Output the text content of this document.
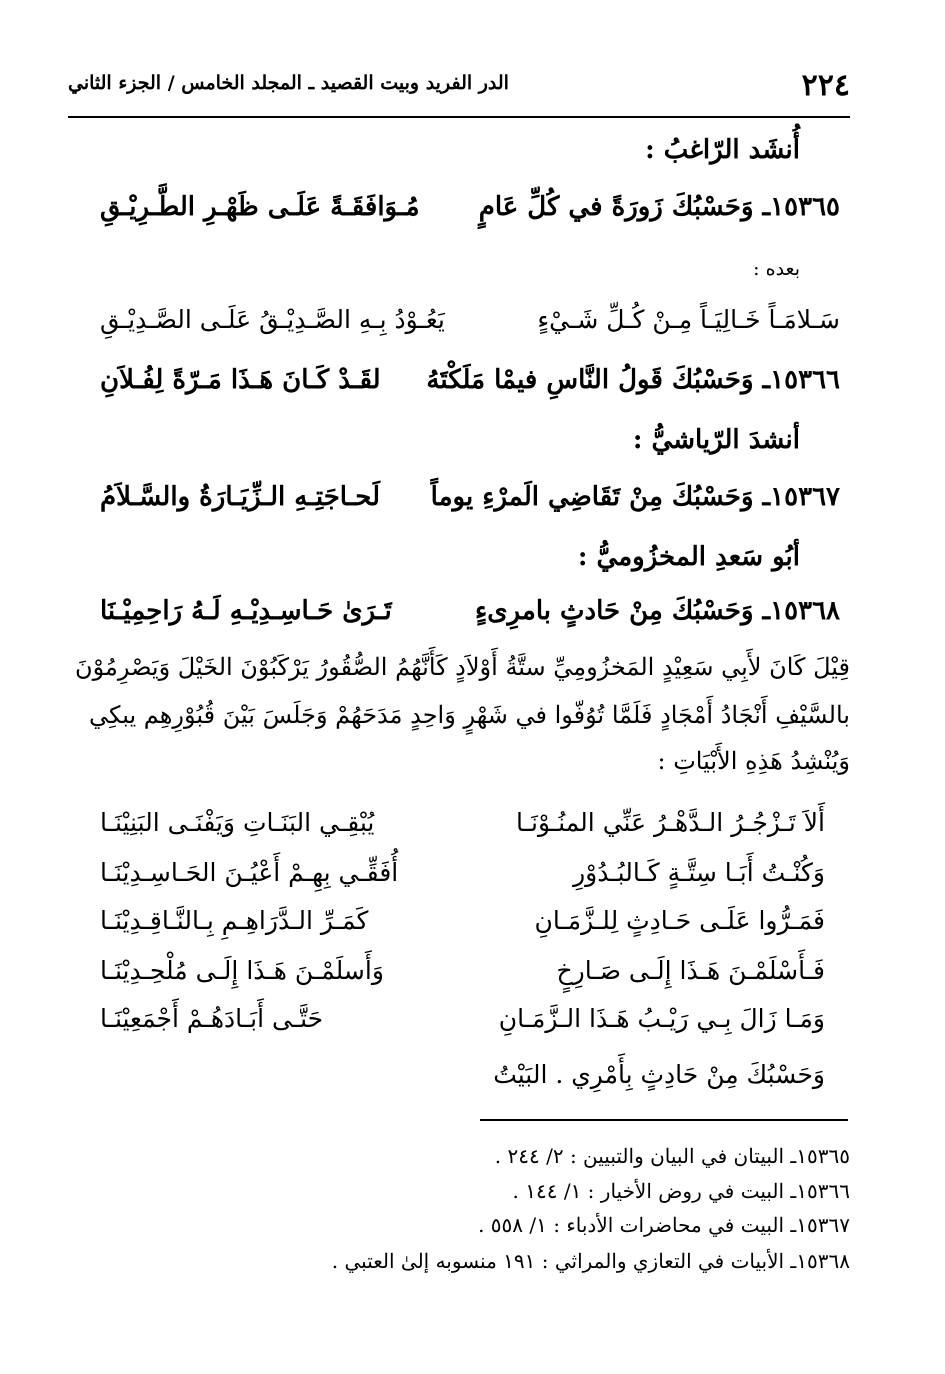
٢٢٤
الدر الفريد وبيت القصيد ـ المجلد الخامس / الجزء الثاني
أُنشَد الرّاغبُ :
١٥٣٦٥ـ وَحَسْبُكَ زَورَةً في كُلِّ عَامٍ
مُـوَافَقَـةً عَلَـى ظَهْـرِ الطَّـرِيْـقِ
بعده :
سَـلامَـاً خَـالِيَـاً مِـنْ كُـلِّ شَـيْءٍ
يَعُـوْدُ بِـهِ الصَّـدِيْـقُ عَلَـى الصَّـدِيْـقِ
١٥٣٦٦ـ وَحَسْبُكَ قَولُ النَّاسِ فيمْا مَلَكْتَهُ
لقَـدْ كَـانَ هَـذَا مَـرّةً لِفُـلاَنِ
أنشدَ الرّياشيُّ :
١٥٣٦٧ـ وَحَسْبُكَ مِنْ تَقَاضِي الَمرْءِ يوماً
لَحـاجَتِـهِ الـزِّيَـارَةُ والسَّـلاَمُ
أبُو سَعدِ المخزُوميُّ :
١٥٣٦٨ـ وَحَسْبُكَ مِنْ حَادثٍ بامرِىءٍ
تَـرَىٰ حَـاسِـدِيْـهِ لَـهُ رَاحِمِيْـنَا
قِيْلَ كَانَ لأَبِي سَعِيْدٍ المَخزُومِيِّ ستَّةُ أَوْلاَدٍ كَأَنَّهُمُ الصُّقُورُ يَرْكَبُوْنَ الخَيْلَ وَيَصْرِمُوْنَ
بالسَّيْفِ أَنْجَادُ أَمْجَادٍ فَلَمَّا تُوُفّوا في شَهْرٍ وَاحِدٍ مَدَحَهُمْ وَجَلَسَ بَيْنَ قُبُوْرِهِم يبكِي
وَيُنْشِدُ هَذِهِ الأَبْيَاتِ :
أَلاَ تَـزْجُـرُ الـدَّهْـرُ عَنِّي المنُـوْنَـا
يُبْقِـي البَنَـاتِ وَيَفْنَـى البَنِيْنَـا
وَكُنْـتُ أَبَـا سِتَّـةٍ كَـالبُـدُوْرِ
أُفَقِّـي بِهِـمْ أَعْيُـنَ الحَـاسِـدِيْنَـا
فَمَـرُّوا عَلَـى حَـادِثٍ لِلـزَّمَـانِ
كَمَـرِّ الـدَّرَاهِـمِ بِـالنَّـاقِـدِيْنَـا
فَـأَسْلَمْـنَ هَـذَا إِلَـى صَـارِخٍ
وَأَسلَمْـنَ هَـذَا إِلَـى مُلْحِـدِيْنَـا
وَمَـا زَالَ بِـي رَيْـبُ هَـذَا الـزَّمَـانِ
حَتَّـى أَبَـادَهُـمْ أَجْمَعِيْنَـا
وَحَسْبُكَ مِنْ حَادِثٍ بِأَمْرِي . البَيْتُ
١٥٣٦٥ـ البيتان في البيان والتبيين : ٢/ ٢٤٤ .
١٥٣٦٦ـ البيت في روض الأخيار : ١/ ١٤٤ .
١٥٣٦٧ـ البيت في محاضرات الأدباء : ١/ ٥٥٨ .
١٥٣٦٨ـ الأبيات في التعازي والمراثي : ١٩١ منسوبه إلىٰ العتبي .
